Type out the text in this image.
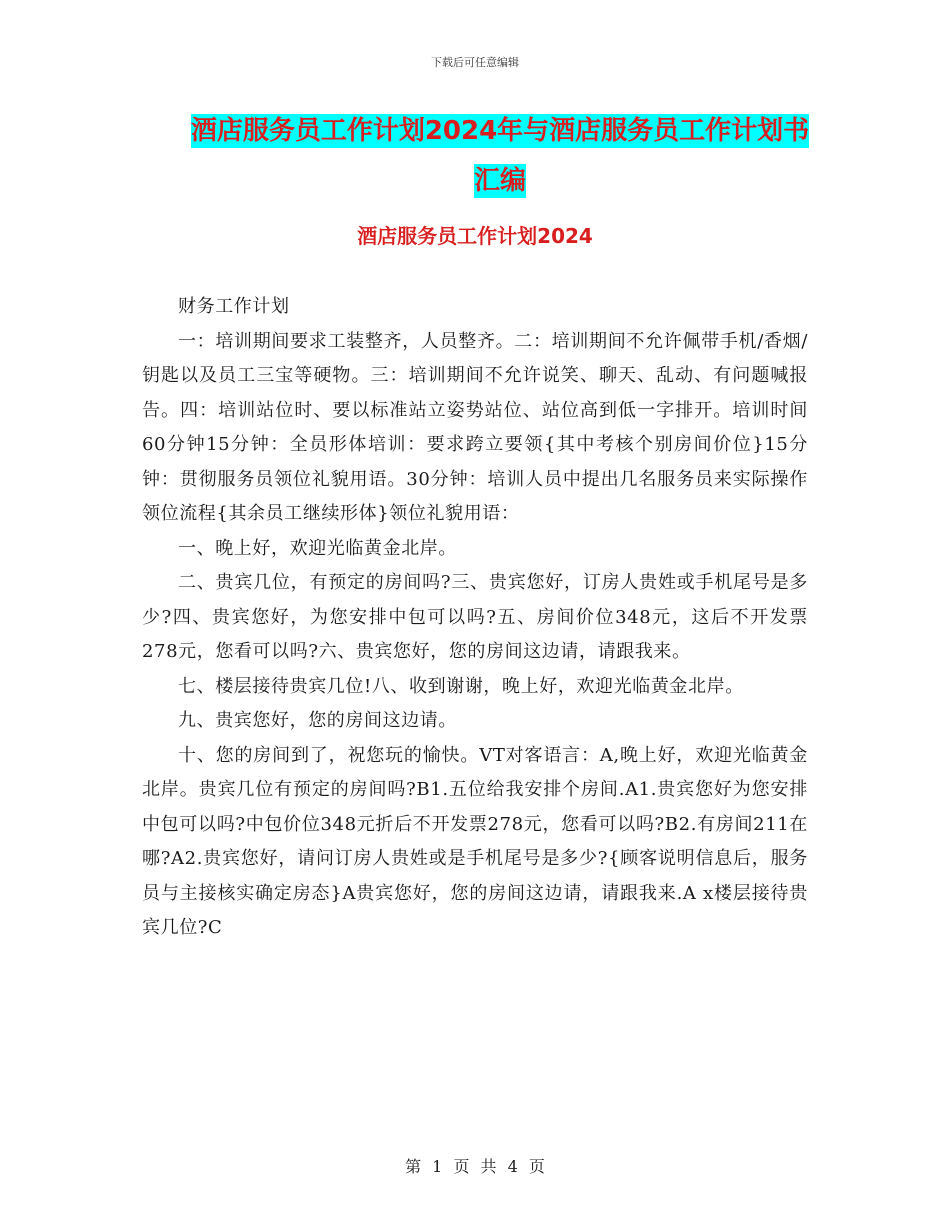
下载后可任意编辑
酒店服务员工作计划2024年与酒店服务员工作计划书
汇编
酒店服务员工作计划2024

财务工作计划

一：培训期间要求工装整齐，人员整齐。二：培训期间不允许佩带手机/香烟/钥匙以及员工三宝等硬物。三：培训期间不允许说笑、聊天、乱动、有问题喊报告。四：培训站位时、要以标准站立姿势站位、站位高到低一字排开。培训时间60分钟15分钟：全员形体培训：要求跨立要领{其中考核个别房间价位}15分钟：贯彻服务员领位礼貌用语。30分钟：培训人员中提出几名服务员来实际操作领位流程{其余员工继续形体}领位礼貌用语：

一、晚上好，欢迎光临黄金北岸。

二、贵宾几位，有预定的房间吗?三、贵宾您好，订房人贵姓或手机尾号是多少?四、贵宾您好，为您安排中包可以吗?五、房间价位348元，这后不开发票278元，您看可以吗?六、贵宾您好，您的房间这边请，请跟我来。

七、楼层接待贵宾几位!八、收到谢谢，晚上好，欢迎光临黄金北岸。

九、贵宾您好，您的房间这边请。

十、您的房间到了，祝您玩的愉快。VT对客语言：A,晚上好，欢迎光临黄金北岸。贵宾几位有预定的房间吗?B1.五位给我安排个房间.A1.贵宾您好为您安排中包可以吗?中包价位348元折后不开发票278元，您看可以吗?B2.有房间211在哪?A2.贵宾您好，请问订房人贵姓或是手机尾号是多少?{顾客说明信息后，服务员与主接核实确定房态}A贵宾您好，您的房间这边请，请跟我来.A x楼层接待贵宾几位?C

第 1 页 共 4 页
